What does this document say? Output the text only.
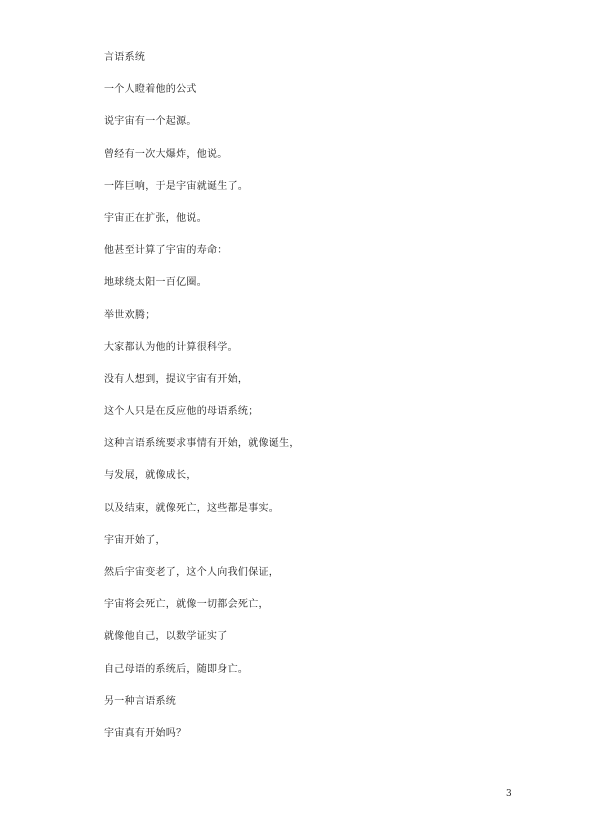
言语系统
一个人瞪着他的公式
说宇宙有一个起源。
曾经有一次大爆炸，他说。
一阵巨响，于是宇宙就诞生了。
宇宙正在扩张，他说。
他甚至计算了宇宙的寿命：
地球绕太阳一百亿圈。
举世欢腾；
大家都认为他的计算很科学。
没有人想到，提议宇宙有开始，
这个人只是在反应他的母语系统；
这种言语系统要求事情有开始，就像诞生，
与发展，就像成长，
以及结束，就像死亡，这些都是事实。
宇宙开始了，
然后宇宙变老了，这个人向我们保证，
宇宙将会死亡，就像一切都会死亡，
就像他自己，以数学证实了
自己母语的系统后，随即身亡。
另一种言语系统
宇宙真有开始吗？
3
